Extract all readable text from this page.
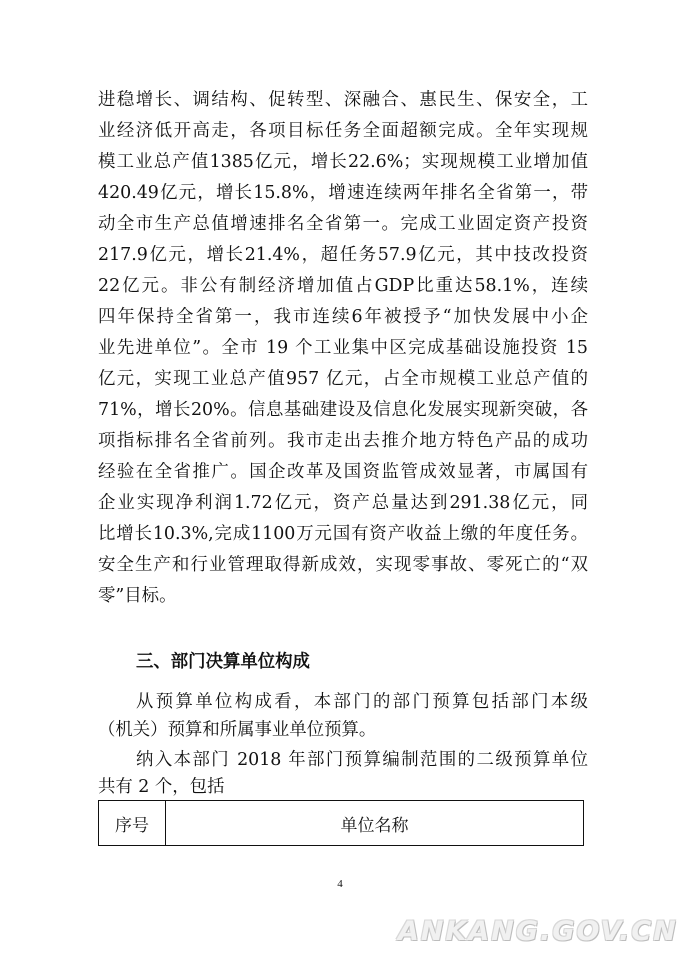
进稳增长、调结构、促转型、深融合、惠民生、保安全，工
业经济低开高走，各项目标任务全面超额完成。全年实现规
模工业总产值1385亿元，增长22.6%；实现规模工业增加值
420.49亿元，增长15.8%，增速连续两年排名全省第一，带
动全市生产总值增速排名全省第一。完成工业固定资产投资
217.9亿元，增长21.4%，超任务57.9亿元，其中技改投资
22亿元。非公有制经济增加值占GDP比重达58.1%，连续
四年保持全省第一，我市连续6年被授予“加快发展中小企
业先进单位”。全市 19 个工业集中区完成基础设施投资 15
亿元，实现工业总产值957 亿元，占全市规模工业总产值的
71%，增长20%。信息基础建设及信息化发展实现新突破，各
项指标排名全省前列。我市走出去推介地方特色产品的成功
经验在全省推广。国企改革及国资监管成效显著，市属国有
企业实现净利润1.72亿元，资产总量达到291.38亿元，同
比增长10.3%,完成1100万元国有资产收益上缴的年度任务。
安全生产和行业管理取得新成效，实现零事故、零死亡的“双
零”目标。
三、部门决算单位构成
从预算单位构成看，本部门的部门预算包括部门本级
（机关）预算和所属事业单位预算。
纳入本部门 2018 年部门预算编制范围的二级预算单位
共有 2 个，包括
序号	单位名称
4
ANKANG.GOV.CN
